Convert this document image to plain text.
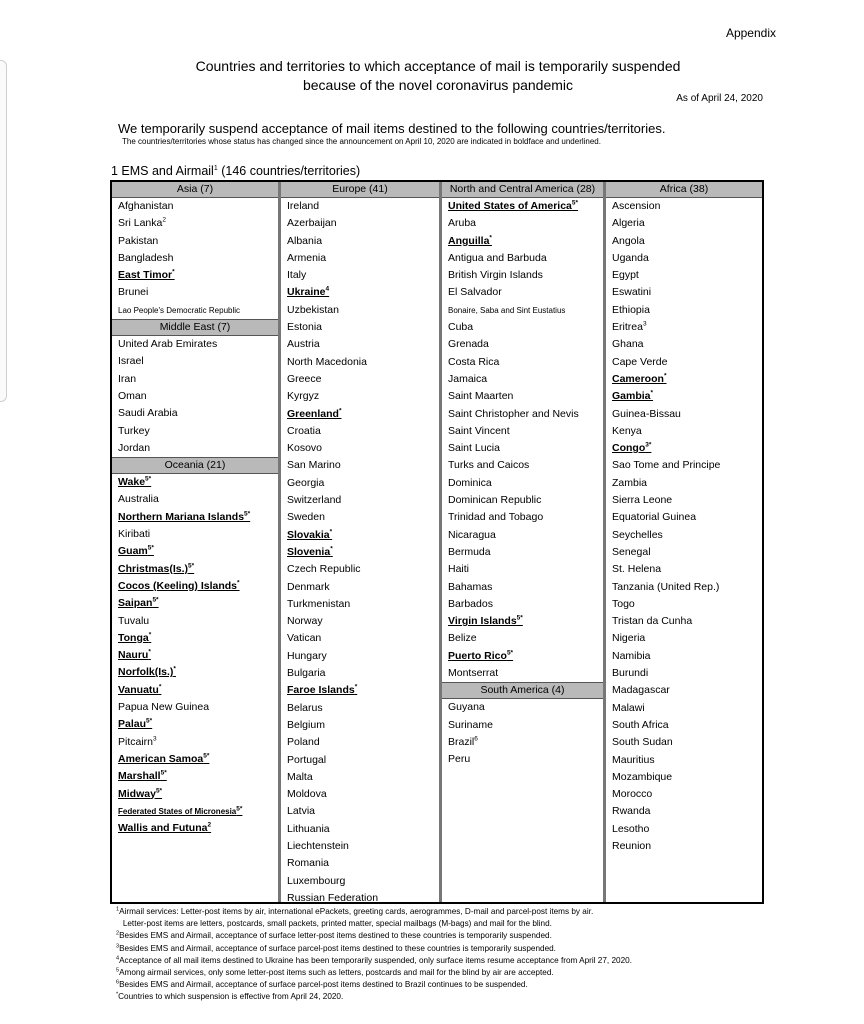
Appendix
Countries and territories to which acceptance of mail is temporarily suspended
because of the novel coronavirus pandemic
As of April 24, 2020
We temporarily suspend acceptance of mail items destined to the following countries/territories.
The countries/territories whose status has changed since the announcement on April 10, 2020 are indicated in boldface and underlined.
1 EMS and Airmail$^1$ (146 countries/territories)
Asia (7)
Afghanistan
Sri Lanka$^2$
Pakistan
Bangladesh
East Timor*
Brunei
Lao People's Democratic Republic
Middle East (7)
United Arab Emirates
Israel
Iran
Oman
Saudi Arabia
Turkey
Jordan
Oceania (21)
Wake$^{5*}$
Australia
Northern Mariana Islands$^{5*}$
Kiribati
Guam$^{5*}$
$Christmas(Is.)^{5*}$
Cocos (Keeling) Islands*
Saipan$^{5*}$
Tuvalu
Tonga*
Nauru*
Norfolk(Is.)*
Vanuatu*
Papua New Guinea
Palau$^{5*}$
Pitcairn$^3$
American Samoa$^{5*}$
Marshall$^{5*}$
Midway$^{5*}$
Federated States of Micronesia$^{5*}$
Wallis and Futuna$^2$
Europe (41)
Ireland
Azerbaijan
Albania
Armenia
Italy
Ukraine$^4$
Uzbekistan
Estonia
Austria
North Macedonia
Greece
Kyrgyz
Greenland*
Croatia
Kosovo
San Marino
Georgia
Switzerland
Sweden
Slovakia*
Slovenia*
Czech Republic
Denmark
Turkmenistan
Norway
Vatican
Hungary
Bulgaria
Faroe Islands*
Belarus
Belgium
Poland
Portugal
Malta
Moldova
Latvia
Lithuania
Liechtenstein
Romania
Luxembourg
Russian Federation
North and Central America (28)
United States of America$^{5*}$
Aruba
Anguilla*
Antigua and Barbuda
British Virgin Islands
El Salvador
Bonaire, Saba and Sint Eustatius
Cuba
Grenada
Costa Rica
Jamaica
Saint Maarten
Saint Christopher and Nevis
Saint Vincent
Saint Lucia
Turks and Caicos
Dominica
Dominican Republic
Trinidad and Tobago
Nicaragua
Bermuda
Haiti
Bahamas
Barbados
Virgin Islands$^{5*}$
Belize
Puerto Rico$^{5*}$
Montserrat
South America (4)
Guyana
Suriname
Brazil$^6$
Peru
Africa (38)
Ascension
Algeria
Angola
Uganda
Egypt
Eswatini
Ethiopia
Eritrea$^3$
Ghana
Cape Verde
Cameroon*
Gambia*
Guinea-Bissau
Kenya
Congo$^{3*}$
Sao Tome and Principe
Zambia
Sierra Leone
Equatorial Guinea
Seychelles
Senegal
St. Helena
Tanzania (United Rep.)
Togo
Tristan da Cunha
Nigeria
Namibia
Burundi
Madagascar
Malawi
South Africa
South Sudan
Mauritius
Mozambique
Morocco
Rwanda
Lesotho
Reunion
$^1$Airmail services: Letter-post items by air, international ePackets, greeting cards, aerogrammes, D-mail and parcel-post items by air.
Letter-post items are letters, postcards, small packets, printed matter, special mailbags (M-bags) and mail for the blind.
$^2$Besides EMS and Airmail, acceptance of surface letter-post items destined to these countries is temporarily suspended.
$^3$Besides EMS and Airmail, acceptance of surface parcel-post items destined to these countries is temporarily suspended.
$^4$Acceptance of all mail items destined to Ukraine has been temporarily suspended, only surface items resume acceptance from April 27, 2020.
$^5$Among airmail services, only some letter-post items such as letters, postcards and mail for the blind by air are accepted.
$^6$Besides EMS and Airmail, acceptance of surface parcel-post items destined to Brazil continues to be suspended.
*Countries to which suspension is effective from April 24, 2020.
